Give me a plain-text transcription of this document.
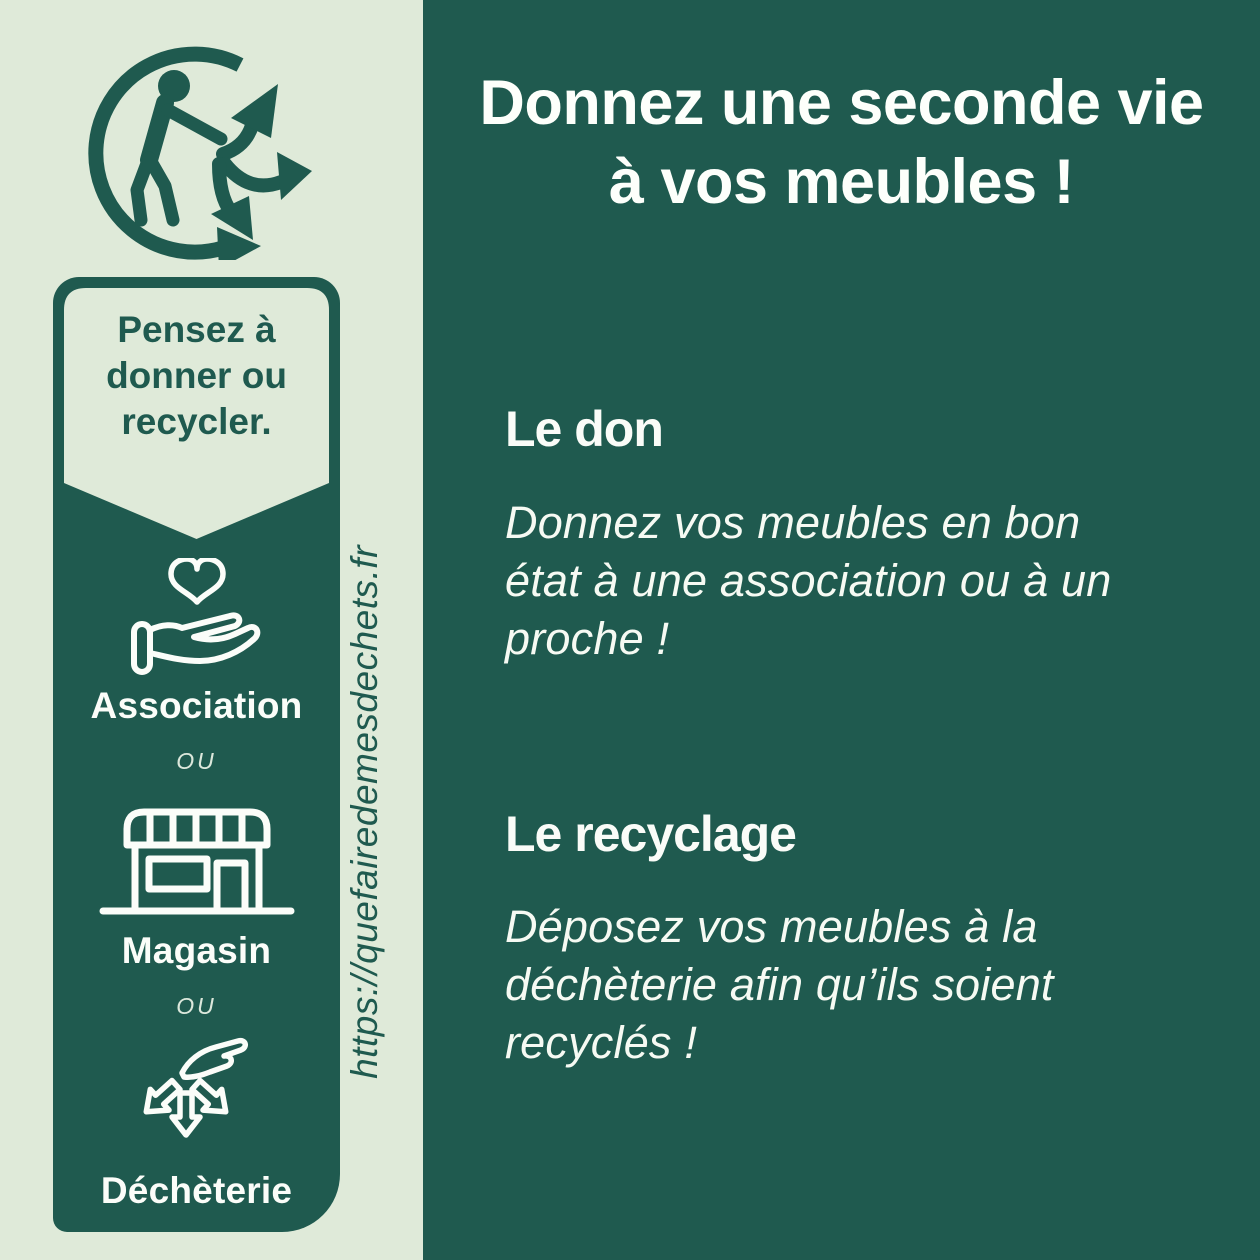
Donnez une seconde vie
à vos meubles !
Le don

Donnez vos meubles en bon
état à une association ou à un
proche !

Le recyclage

Déposez vos meubles à la
déchèterie afin qu’ils soient
recyclés !

Pensez à
donner ou
recycler.
Association
OU
Magasin
OU
Déchèterie
https://quefairedemesdechets.fr
